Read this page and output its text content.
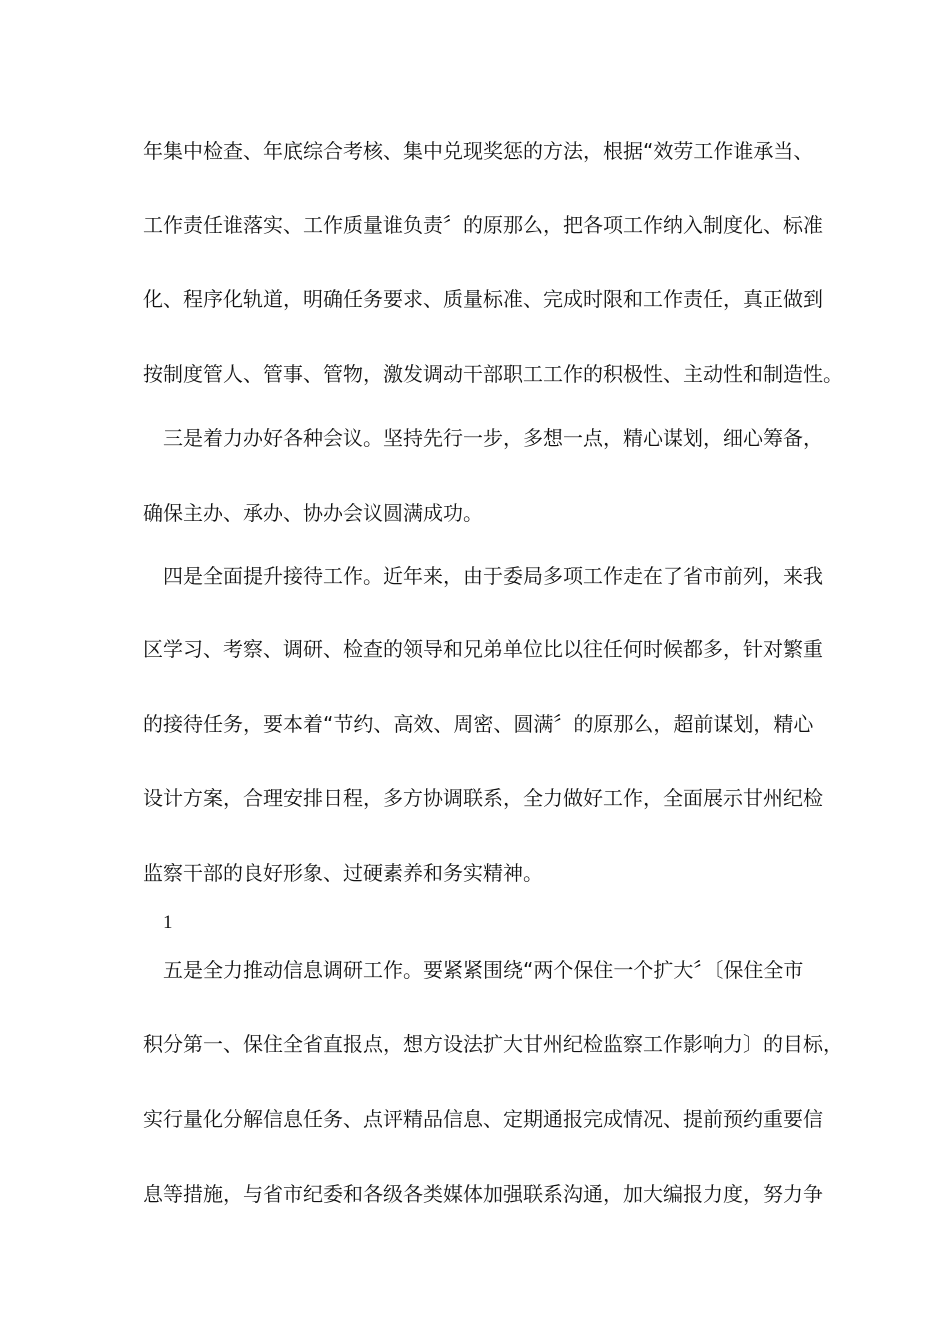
年集中检查、年底综合考核、集中兑现奖惩的方法，根据“效劳工作谁承当、
工作责任谁落实、工作质量谁负责〞的原那么，把各项工作纳入制度化、标准
化、程序化轨道，明确任务要求、质量标准、完成时限和工作责任，真正做到
按制度管人、管事、管物，激发调动干部职工工作的积极性、主动性和制造性。
　三是着力办好各种会议。坚持先行一步，多想一点，精心谋划，细心筹备，
确保主办、承办、协办会议圆满成功。
　四是全面提升接待工作。近年来，由于委局多项工作走在了省市前列，来我
区学习、考察、调研、检查的领导和兄弟单位比以往任何时候都多，针对繁重
的接待任务，要本着“节约、高效、周密、圆满〞的原那么，超前谋划，精心
设计方案，合理安排日程，多方协调联系，全力做好工作，全面展示甘州纪检
监察干部的良好形象、过硬素养和务实精神。
1
　五是全力推动信息调研工作。要紧紧围绕“两个保住一个扩大〞〔保住全市
积分第一、保住全省直报点，想方设法扩大甘州纪检监察工作影响力〕的目标，
实行量化分解信息任务、点评精品信息、定期通报完成情况、提前预约重要信
息等措施，与省市纪委和各级各类媒体加强联系沟通，加大编报力度，努力争
